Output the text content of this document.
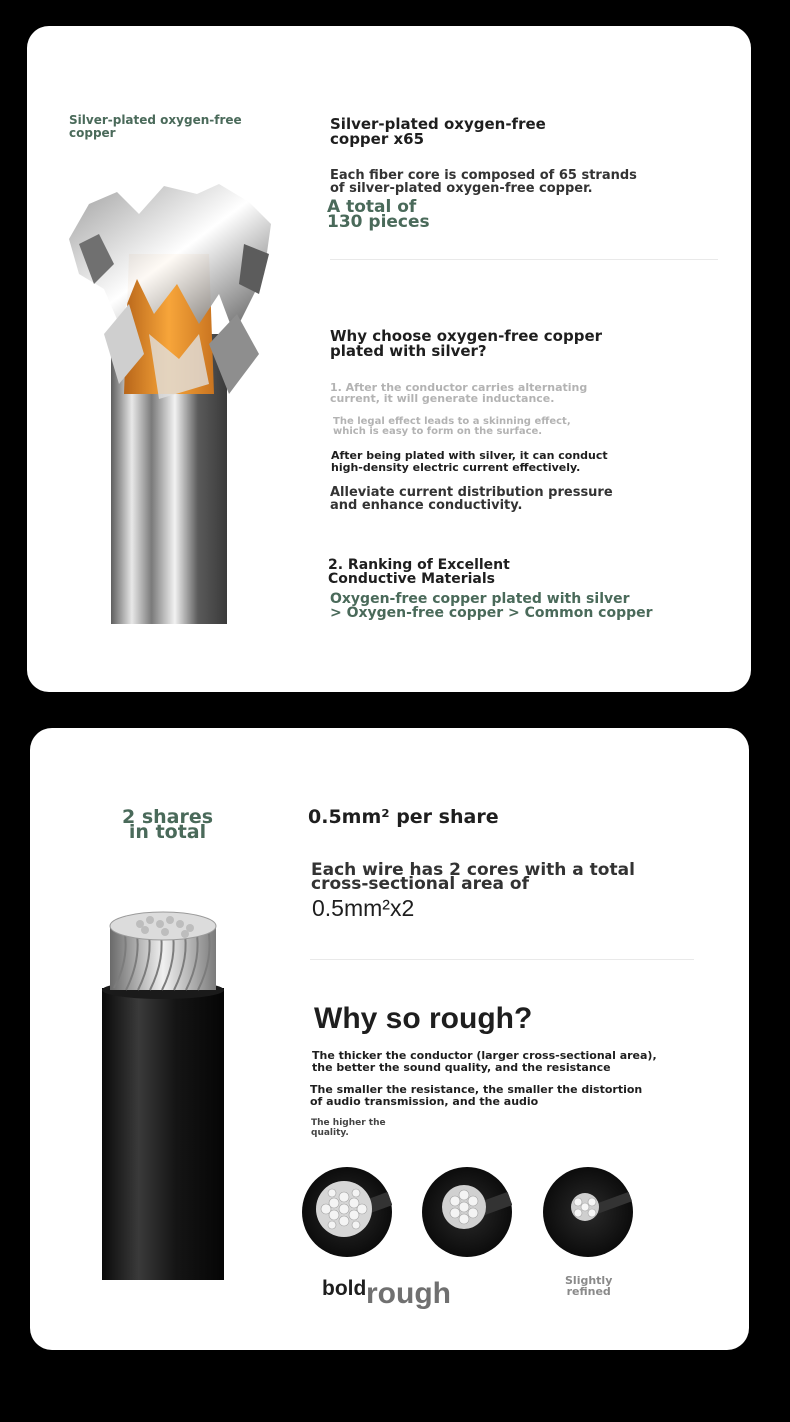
Silver-plated oxygen-free
copper	Silver-plated oxygen-free
copper x65
Each fiber core is composed of 65 strands
of silver-plated oxygen-free copper.
A total of
130 pieces
Why choose oxygen-free copper
plated with silver?
1. After the conductor carries alternating
current, it will generate inductance.
The legal effect leads to a skinning effect,
which is easy to form on the surface.
After being plated with silver, it can conduct
high-density electric current effectively.
Alleviate current distribution pressure
and enhance conductivity.
2. Ranking of Excellent
Conductive Materials
Oxygen-free copper plated with silver
> Oxygen-free copper > Common copper
2 shares
in total
0.5mm² per share
Each wire has 2 cores with a total
cross-sectional area of
0.5mm²x2
Why so rough?
The thicker the conductor (larger cross-sectional area),
the better the sound quality, and the resistance
The smaller the resistance, the smaller the distortion
of audio transmission, and the audio
The higher the
quality.
bold rough	Slightly
refined
